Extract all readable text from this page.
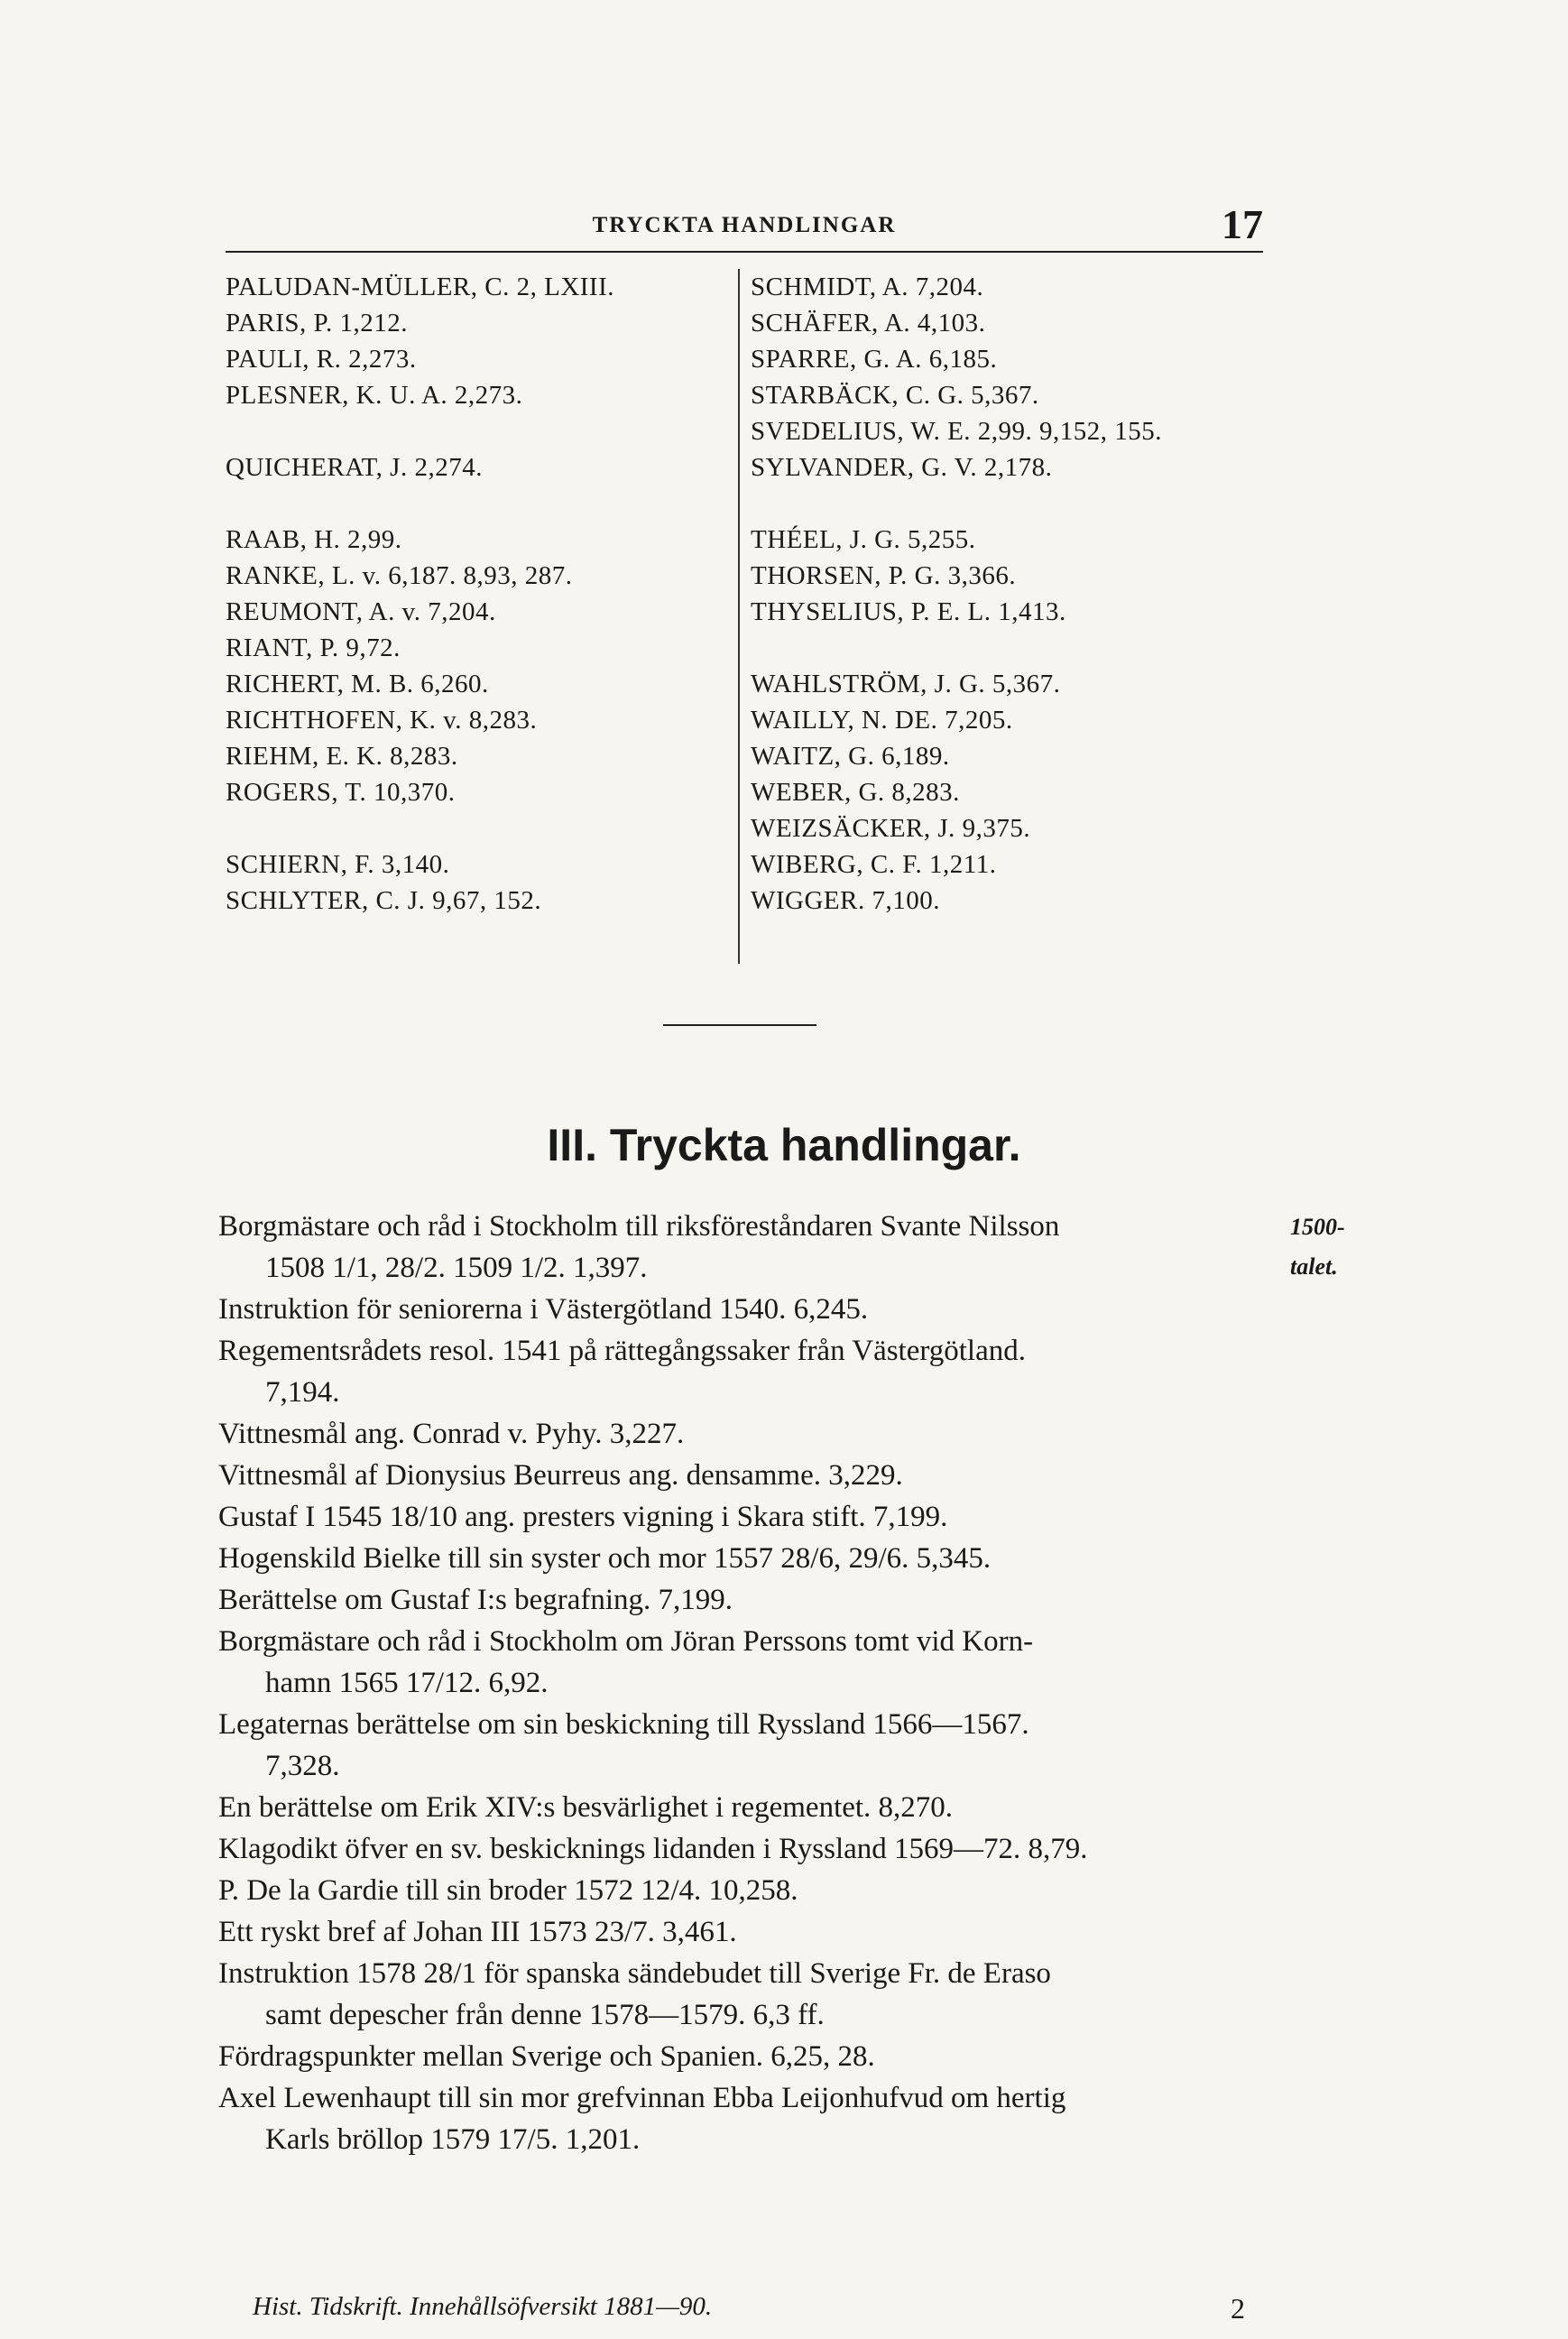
TRYCKTA HANDLINGAR	17
PALUDAN-MÜLLER, C. 2, LXIII.
PARIS, P. 1,212.
PAULI, R. 2,273.
PLESNER, K. U. A. 2,273.
QUICHERAT, J. 2,274.
RAAB, H. 2,99.
RANKE, L. v. 6,187. 8,93, 287.
REUMONT, A. v. 7,204.
RIANT, P. 9,72.
RICHERT, M. B. 6,260.
RICHTHOFEN, K. v. 8,283.
RIEHM, E. K. 8,283.
ROGERS, T. 10,370.
SCHIERN, F. 3,140.
SCHLYTER, C. J. 9,67, 152.
SCHMIDT, A. 7,204.
SCHÄFER, A. 4,103.
SPARRE, G. A. 6,185.
STARBÄCK, C. G. 5,367.
SVEDELIUS, W. E. 2,99. 9,152, 155.
SYLVANDER, G. V. 2,178.
THÉEL, J. G. 5,255.
THORSEN, P. G. 3,366.
THYSELIUS, P. E. L. 1,413.
WAHLSTRÖM, J. G. 5,367.
WAILLY, N. DE. 7,205.
WAITZ, G. 6,189.
WEBER, G. 8,283.
WEIZSÄCKER, J. 9,375.
WIBERG, C. F. 1,211.
WIGGER. 7,100.
III. Tryckta handlingar.
1500-
talet.
Borgmästare och råd i Stockholm till riksföreståndaren Svante Nilsson
1508 1/1, 28/2. 1509 1/2. 1,397.
Instruktion för seniorerna i Västergötland 1540. 6,245.
Regementsrådets resol. 1541 på rättegångssaker från Västergötland.
7,194.
Vittnesmål ang. Conrad v. Pyhy. 3,227.
Vittnesmål af Dionysius Beurreus ang. densamme. 3,229.
Gustaf I 1545 18/10 ang. presters vigning i Skara stift. 7,199.
Hogenskild Bielke till sin syster och mor 1557 28/6, 29/6. 5,345.
Berättelse om Gustaf I:s begrafning. 7,199.
Borgmästare och råd i Stockholm om Jöran Perssons tomt vid Korn-
hamn 1565 17/12. 6,92.
Legaternas berättelse om sin beskickning till Ryssland 1566—1567.
7,328.
En berättelse om Erik XIV:s besvärlighet i regementet. 8,270.
Klagodikt öfver en sv. beskicknings lidanden i Ryssland 1569—72. 8,79.
P. De la Gardie till sin broder 1572 12/4. 10,258.
Ett ryskt bref af Johan III 1573 23/7. 3,461.
Instruktion 1578 28/1 för spanska sändebudet till Sverige Fr. de Eraso
samt depescher från denne 1578—1579. 6,3 ff.
Fördragspunkter mellan Sverige och Spanien. 6,25, 28.
Axel Lewenhaupt till sin mor grefvinnan Ebba Leijonhufvud om hertig
Karls bröllop 1579 17/5. 1,201.
Hist. Tidskrift. Innehållsöfversikt 1881—90.	2
